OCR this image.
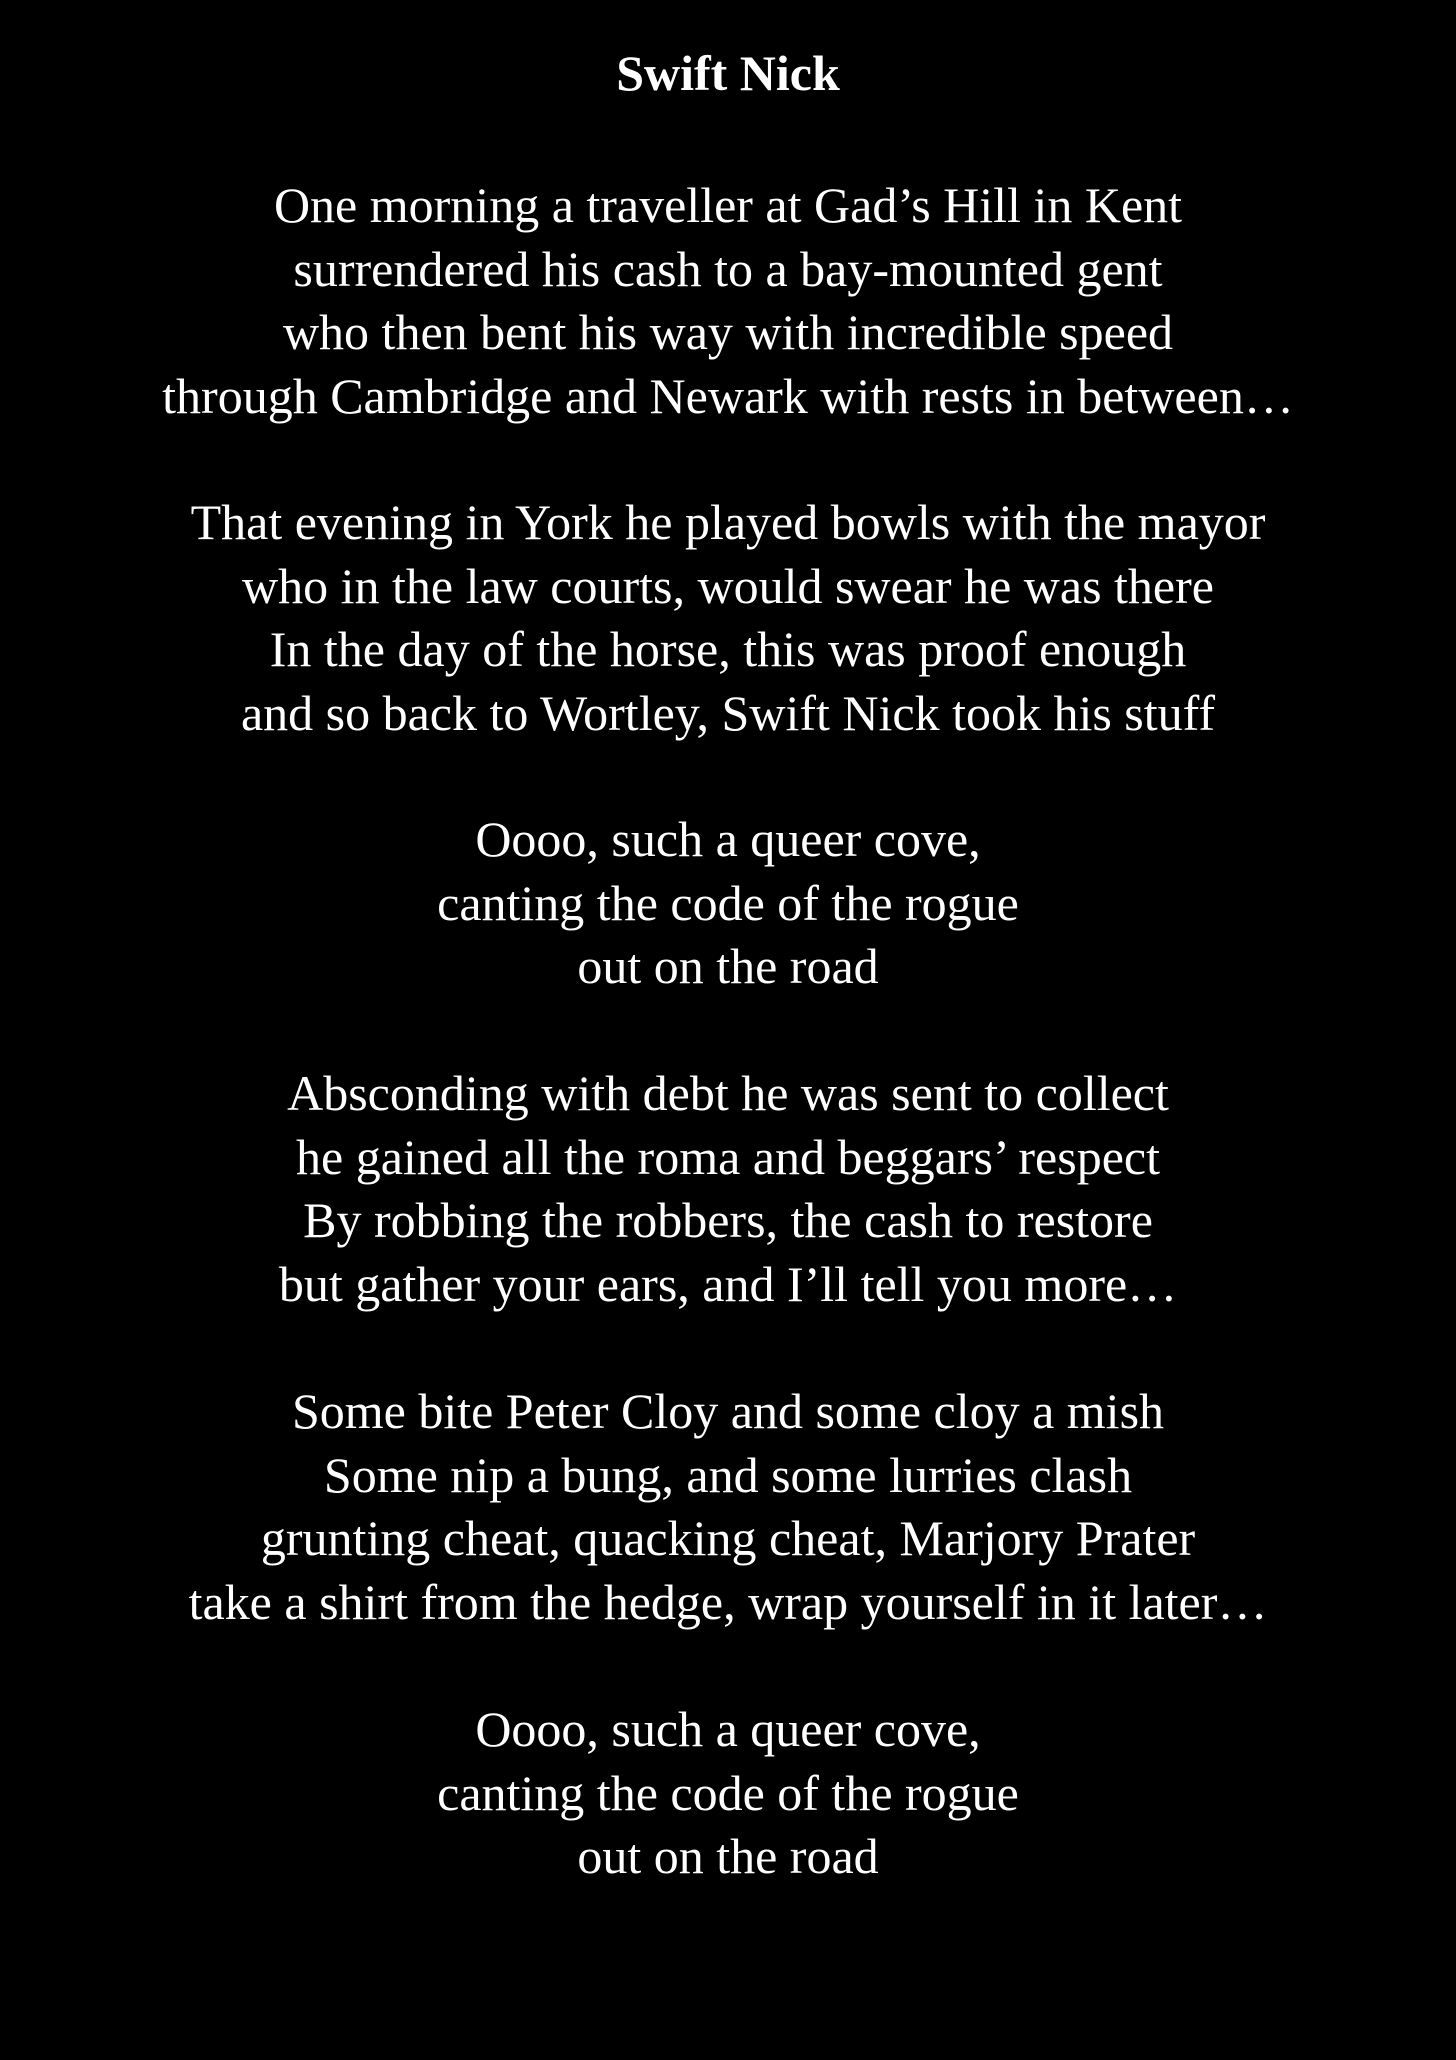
Swift Nick
One morning a traveller at Gad’s Hill in Kent
surrendered his cash to a bay-mounted gent
who then bent his way with incredible speed
through Cambridge and Newark with rests in between…
That evening in York he played bowls with the mayor
who in the law courts, would swear he was there
In the day of the horse, this was proof enough
and so back to Wortley, Swift Nick took his stuff
Oooo, such a queer cove,
canting the code of the rogue
out on the road
Absconding with debt he was sent to collect
he gained all the roma and beggars’ respect
By robbing the robbers, the cash to restore
but gather your ears, and I’ll tell you more…
Some bite Peter Cloy and some cloy a mish
Some nip a bung, and some lurries clash
grunting cheat, quacking cheat, Marjory Prater
take a shirt from the hedge, wrap yourself in it later…
Oooo, such a queer cove,
canting the code of the rogue
out on the road
